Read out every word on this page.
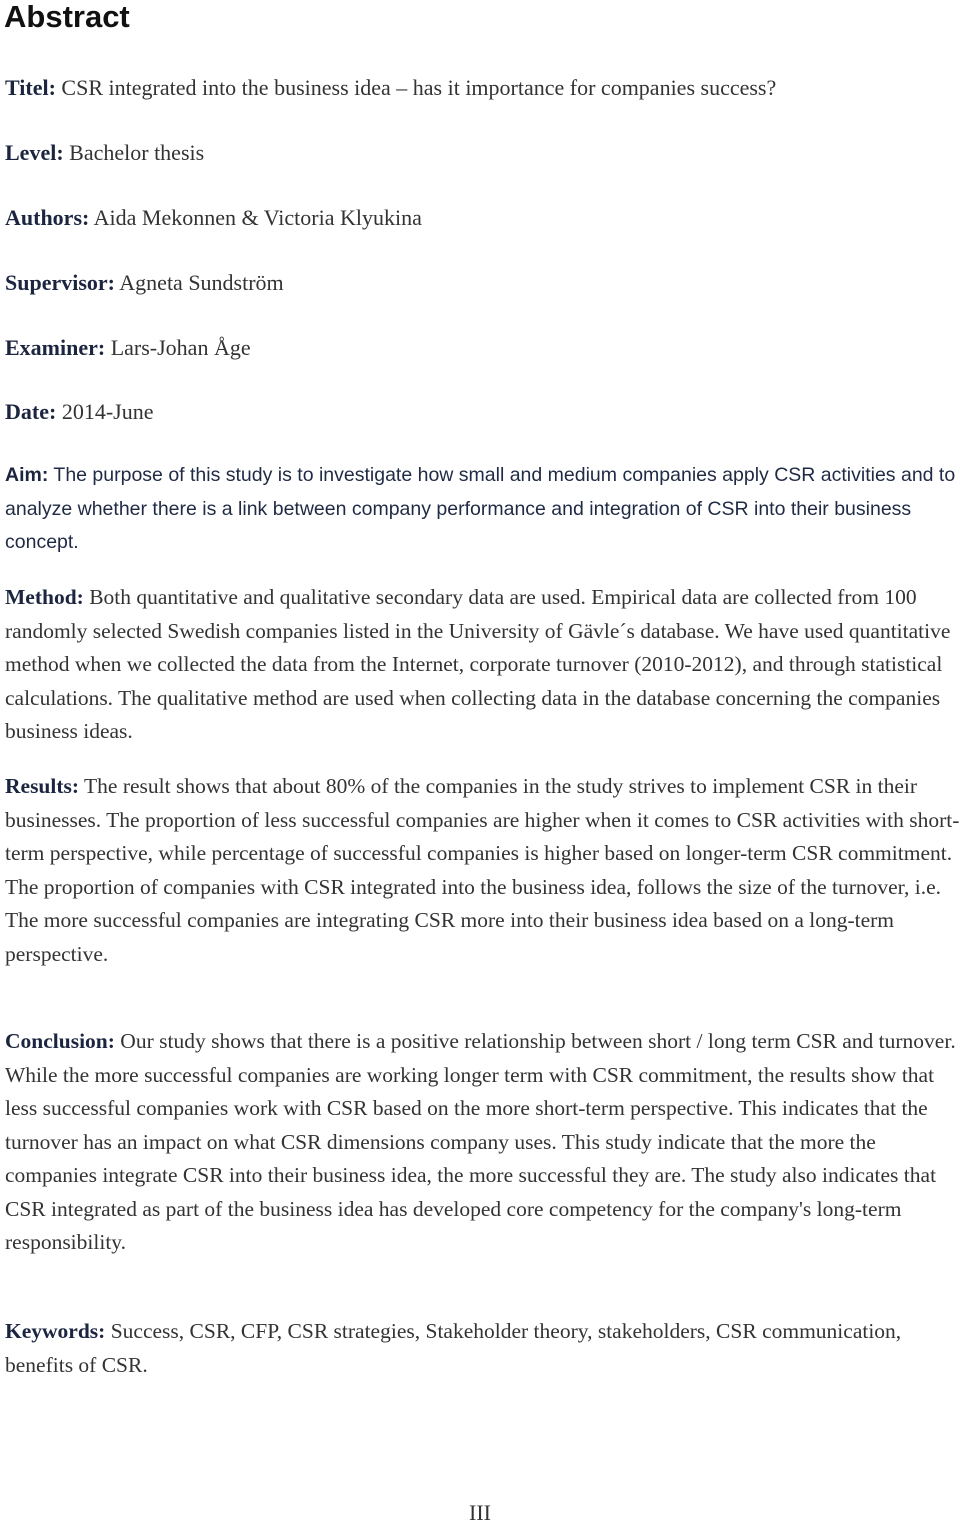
Abstract

Titel: CSR integrated into the business idea – has it importance for companies success?

Level: Bachelor thesis

Authors: Aida Mekonnen & Victoria Klyukina

Supervisor: Agneta Sundström

Examiner: Lars-Johan Åge

Date: 2014-June

Aim: The purpose of this study is to investigate how small and medium companies apply CSR activities and to analyze whether there is a link between company performance and integration of CSR into their business concept.

Method: Both quantitative and qualitative secondary data are used. Empirical data are collected from 100 randomly selected Swedish companies listed in the University of Gävle´s database. We have used quantitative method when we collected the data from the Internet, corporate turnover (2010-2012), and through statistical calculations. The qualitative method are used when collecting data in the database concerning the companies business ideas.

Results: The result shows that about 80% of the companies in the study strives to implement CSR in their businesses. The proportion of less successful companies are higher when it comes to CSR activities with short-term perspective, while percentage of successful companies is higher based on longer-term CSR commitment. The proportion of companies with CSR integrated into the business idea, follows the size of the turnover, i.e. The more successful companies are integrating CSR more into their business idea based on a long-term perspective.

Conclusion: Our study shows that there is a positive relationship between short / long term CSR and turnover. While the more successful companies are working longer term with CSR commitment, the results show that less successful companies work with CSR based on the more short-term perspective. This indicates that the turnover has an impact on what CSR dimensions company uses. This study indicate that the more the companies integrate CSR into their business idea, the more successful they are. The study also indicates that CSR integrated as part of the business idea has developed core competency for the company's long-term responsibility.

Keywords: Success, CSR, CFP, CSR strategies, Stakeholder theory, stakeholders, CSR communication, benefits of CSR.

III
